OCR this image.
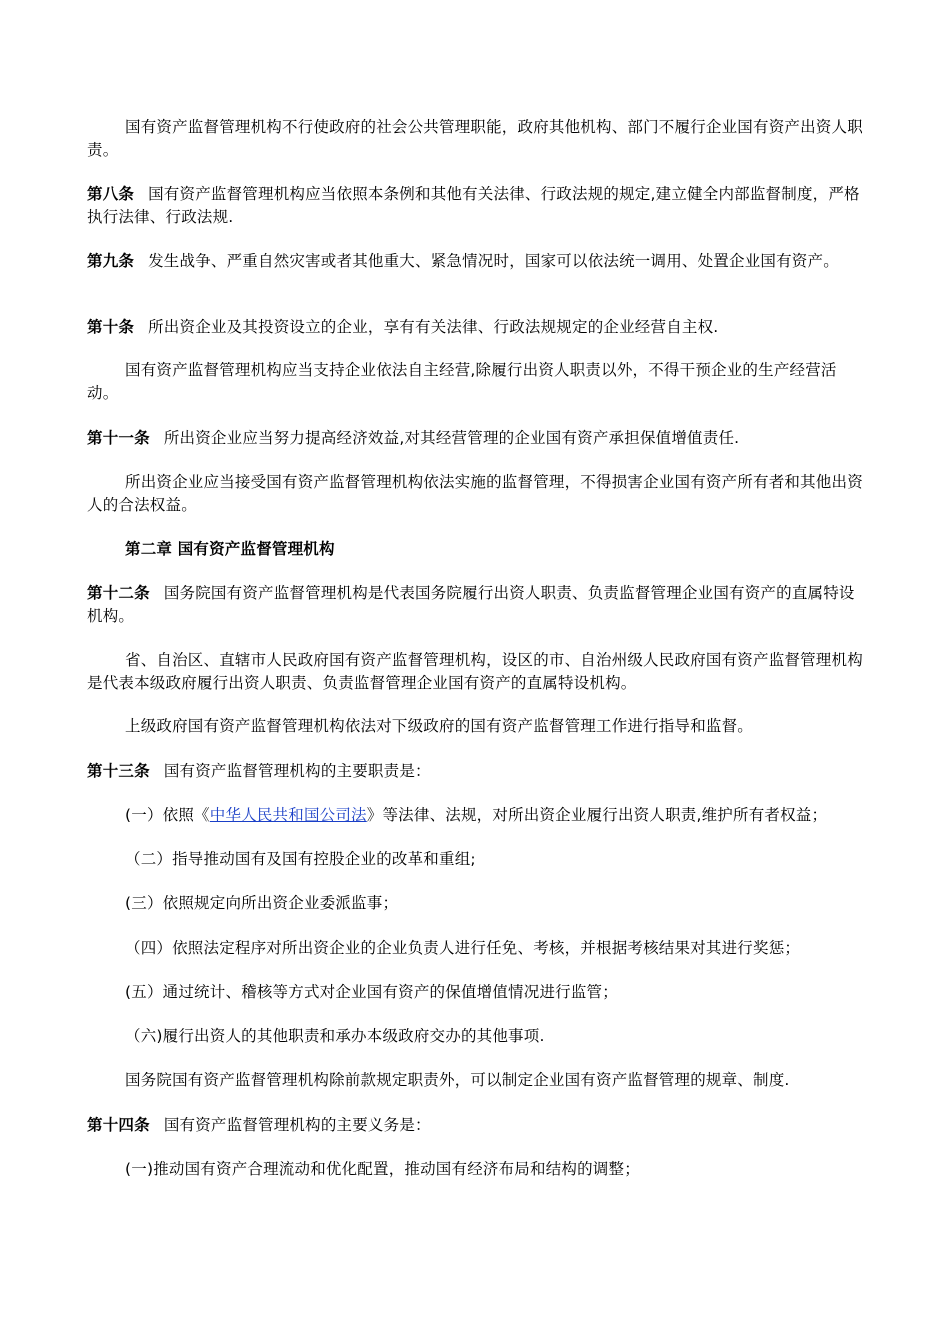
国有资产监督管理机构不行使政府的社会公共管理职能，政府其他机构、部门不履行企业国有资产出资人职责。

第八条 国有资产监督管理机构应当依照本条例和其他有关法律、行政法规的规定,建立健全内部监督制度，严格执行法律、行政法规.

第九条 发生战争、严重自然灾害或者其他重大、紧急情况时，国家可以依法统一调用、处置企业国有资产。

第十条 所出资企业及其投资设立的企业，享有有关法律、行政法规规定的企业经营自主权.

国有资产监督管理机构应当支持企业依法自主经营,除履行出资人职责以外，不得干预企业的生产经营活动。

第十一条 所出资企业应当努力提高经济效益,对其经营管理的企业国有资产承担保值增值责任.

所出资企业应当接受国有资产监督管理机构依法实施的监督管理，不得损害企业国有资产所有者和其他出资人的合法权益。

第二章 国有资产监督管理机构

第十二条 国务院国有资产监督管理机构是代表国务院履行出资人职责、负责监督管理企业国有资产的直属特设机构。

省、自治区、直辖市人民政府国有资产监督管理机构，设区的市、自治州级人民政府国有资产监督管理机构是代表本级政府履行出资人职责、负责监督管理企业国有资产的直属特设机构。

上级政府国有资产监督管理机构依法对下级政府的国有资产监督管理工作进行指导和监督。

第十三条 国有资产监督管理机构的主要职责是：

(一）依照《中华人民共和国公司法》等法律、法规，对所出资企业履行出资人职责,维护所有者权益；

（二）指导推动国有及国有控股企业的改革和重组;

(三）依照规定向所出资企业委派监事；

（四）依照法定程序对所出资企业的企业负责人进行任免、考核，并根据考核结果对其进行奖惩；

(五）通过统计、稽核等方式对企业国有资产的保值增值情况进行监管；

（六)履行出资人的其他职责和承办本级政府交办的其他事项.

国务院国有资产监督管理机构除前款规定职责外，可以制定企业国有资产监督管理的规章、制度.

第十四条 国有资产监督管理机构的主要义务是：

(一)推动国有资产合理流动和优化配置，推动国有经济布局和结构的调整；
